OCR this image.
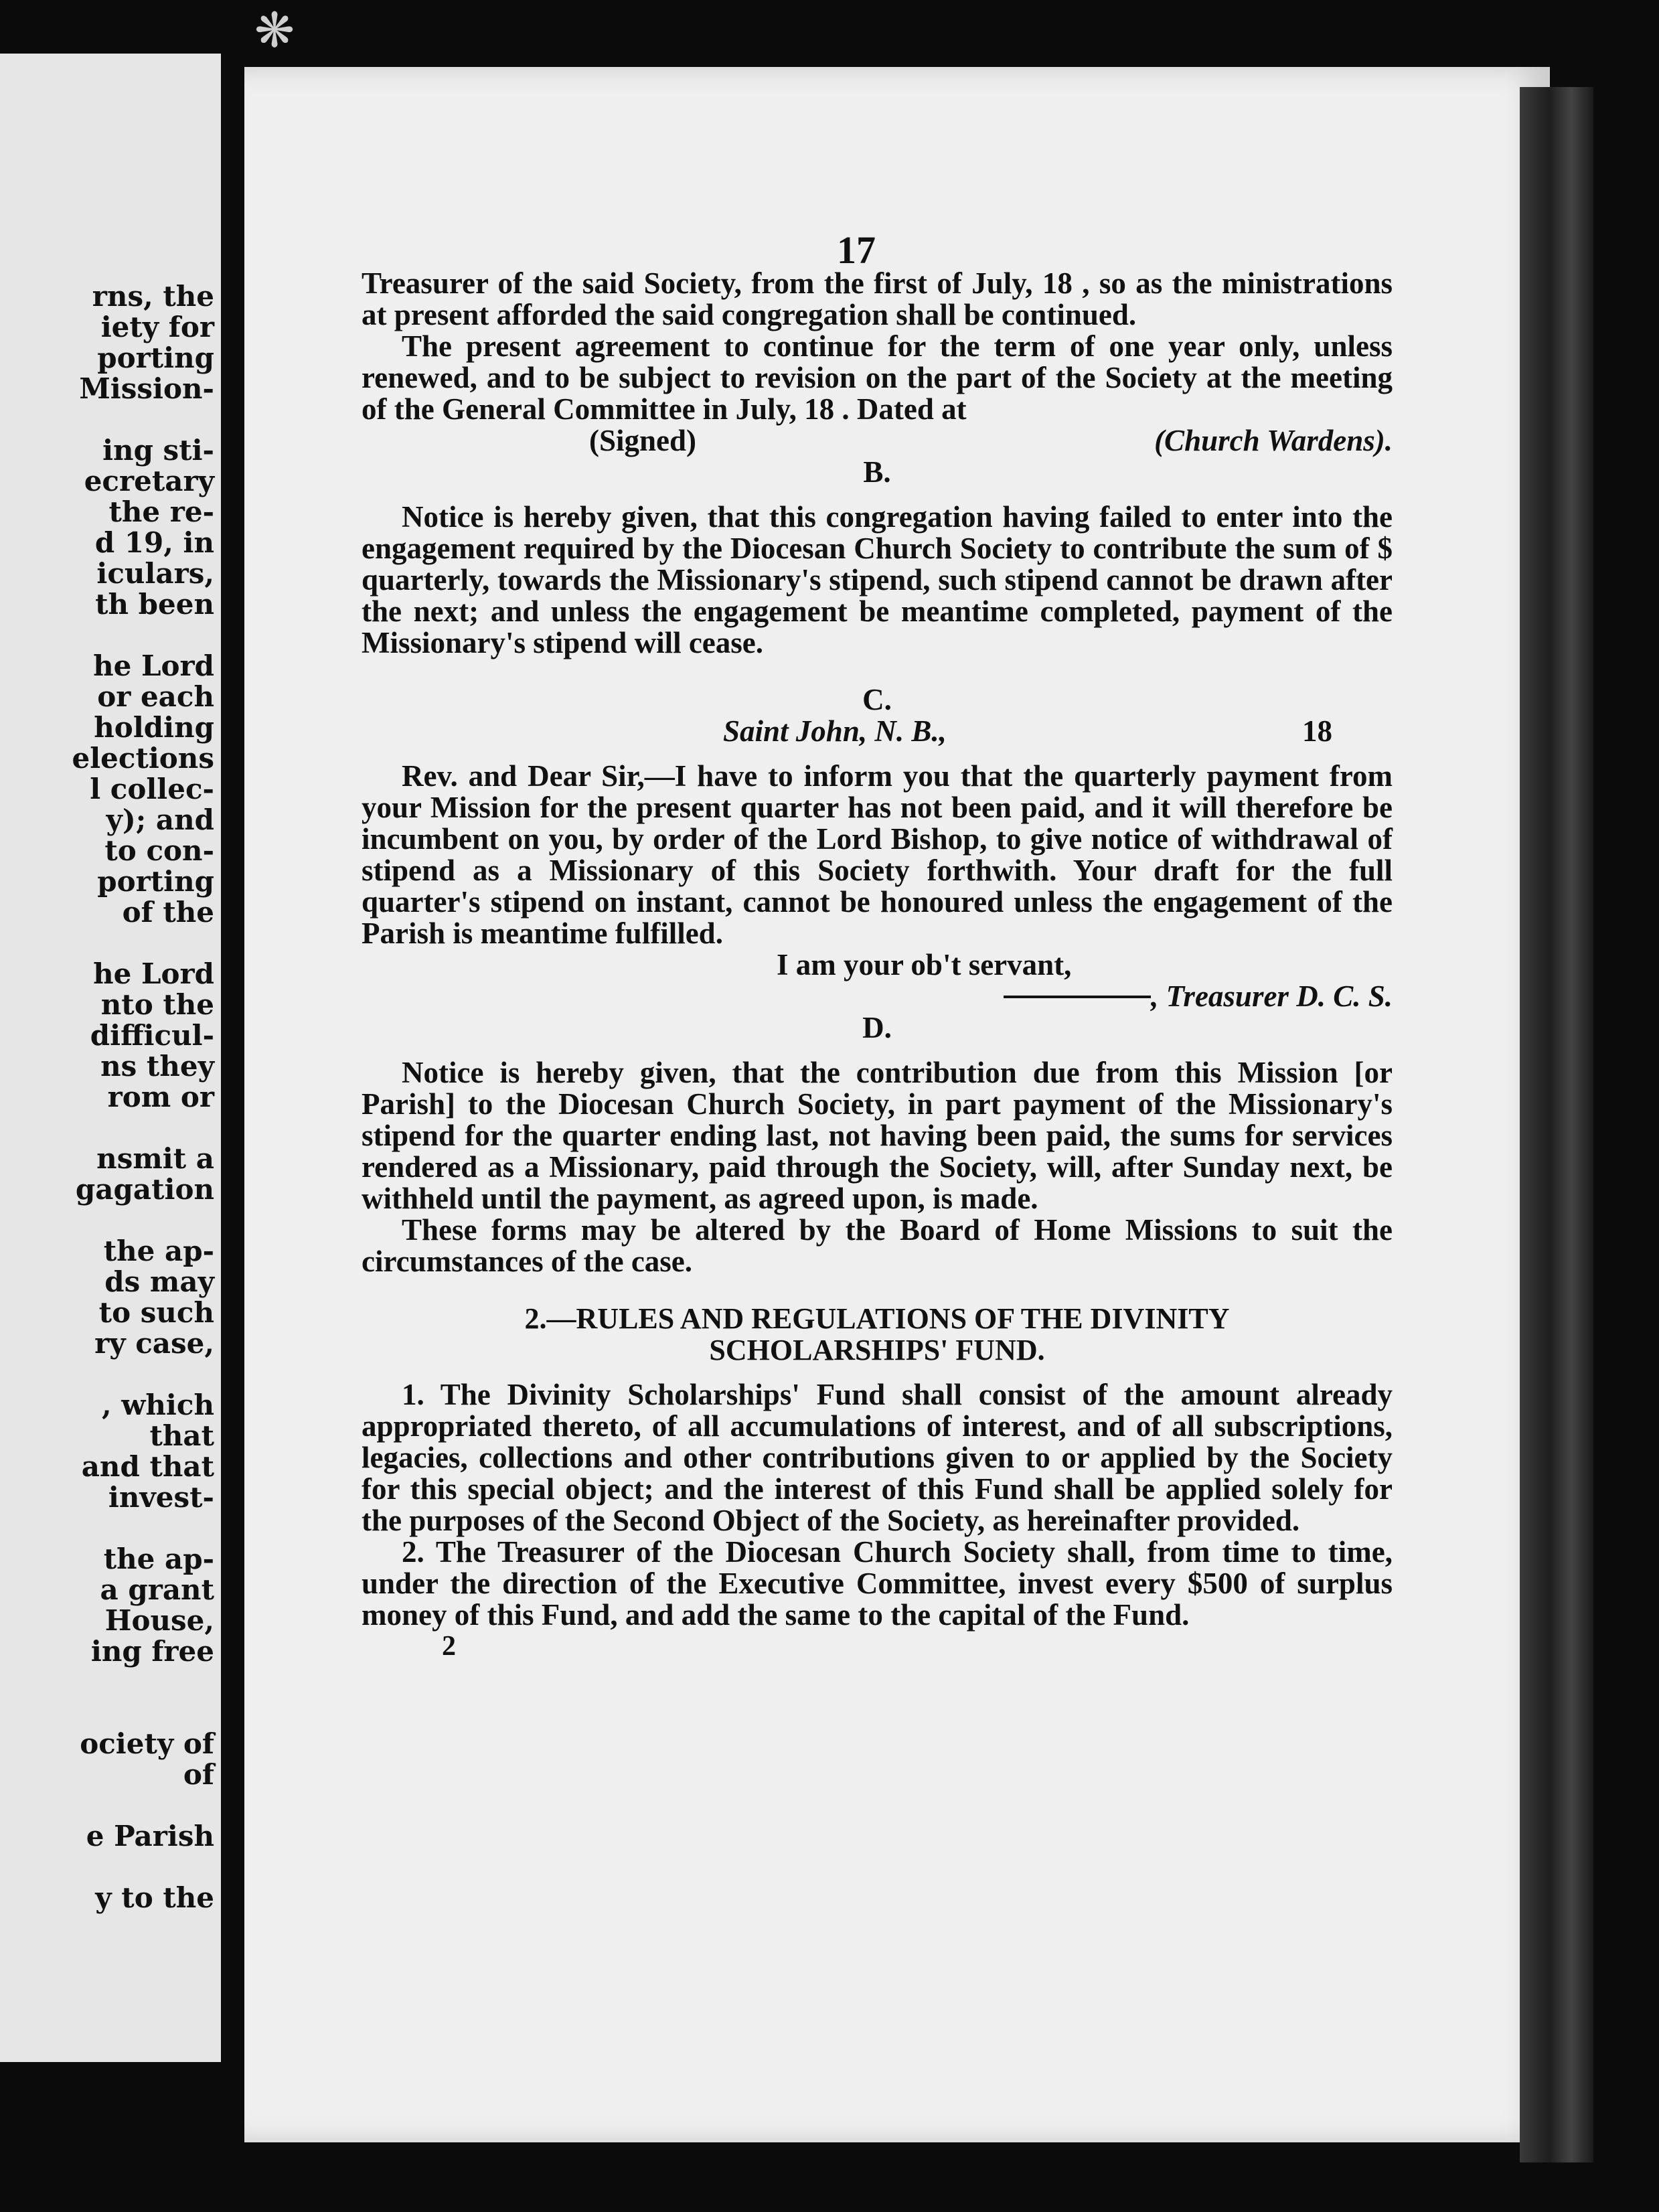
❋
rns, the
iety for
porting
Mission-
ing sti-
ecretary
the re-
d 19, in
iculars,
th been
he Lord
or each
holding
elections
l collec-
y); and
to con-
porting
of the
he Lord
nto the
difficul-
ns they
rom or
nsmit a
gagation
the ap-
ds may
to such
ry case,
, which
that
and that
invest-
the ap-
a grant
House,
ing free
ociety of
of
e Parish
y to the
17

Treasurer of the said Society, from the first of July, 18 , so as the ministrations at present afforded the said congregation shall be continued.

The present agreement to continue for the term of one year only, unless renewed, and to be subject to revision on the part of the Society at the meeting of the General Committee in July, 18 . Dated at

(Signed)	(Church Wardens).

B.

Notice is hereby given, that this congregation having failed to enter into the engagement required by the Diocesan Church Society to contribute the sum of $ quarterly, towards the Missionary's stipend, such stipend cannot be drawn after the next; and unless the engagement be meantime completed, payment of the Missionary's stipend will cease.

C.

Saint John, N. B.,	18

Rev. and Dear Sir,—I have to inform you that the quarterly payment from your Mission for the present quarter has not been paid, and it will therefore be incumbent on you, by order of the Lord Bishop, to give notice of withdrawal of stipend as a Missionary of this Society forthwith. Your draft for the full quarter's stipend on instant, cannot be honoured unless the engagement of the Parish is meantime fulfilled.

I am your ob't servant,

, Treasurer D. C. S.

D.

Notice is hereby given, that the contribution due from this Mission [or Parish] to the Diocesan Church Society, in part payment of the Missionary's stipend for the quarter ending last, not having been paid, the sums for services rendered as a Missionary, paid through the Society, will, after Sunday next, be withheld until the payment, as agreed upon, is made.

These forms may be altered by the Board of Home Missions to suit the circumstances of the case.

2.—RULES AND REGULATIONS OF THE DIVINITY

SCHOLARSHIPS' FUND.

1. The Divinity Scholarships' Fund shall consist of the amount already appropriated thereto, of all accumulations of interest, and of all subscriptions, legacies, collections and other contributions given to or applied by the Society for this special object; and the interest of this Fund shall be applied solely for the purposes of the Second Object of the Society, as hereinafter provided.

2. The Treasurer of the Diocesan Church Society shall, from time to time, under the direction of the Executive Committee, invest every $500 of surplus money of this Fund, and add the same to the capital of the Fund.

2
